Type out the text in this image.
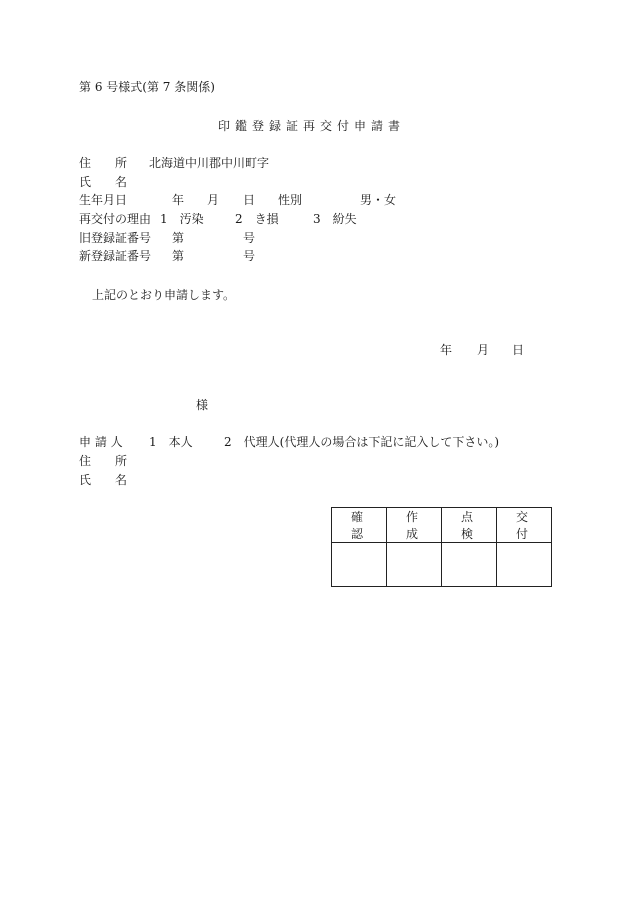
第 6 号様式(第 7 条関係)
印鑑登録証再交付申請書
住　　所 北海道中川郡中川町字
氏　　名
生年月日	年 月 日 性別	男・女
再交付の理由 1　汚染	2　き損	3　紛失
旧登録証番号 第	号
新登録証番号 第	号
上記のとおり申請します。
年 月 日
様
申 請 人 1　本人	2　代理人(代理人の場合は下記に記入して下さい。)
住　　所
氏　　名
確認	作成	点検	交付
